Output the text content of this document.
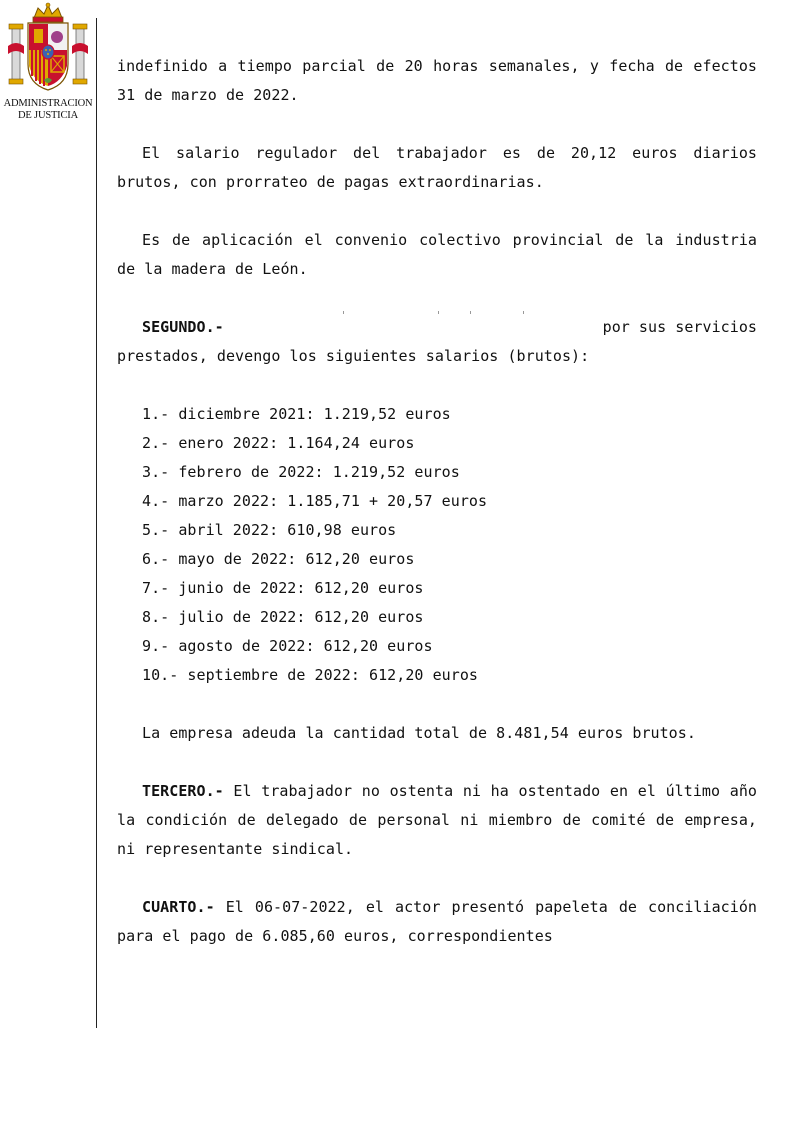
ADMINISTRACION
DE JUSTICIA

indefinido a tiempo parcial de 20 horas semanales, y fecha de efectos 31 de marzo de 2022.

El salario regulador del trabajador es de 20,12 euros diarios brutos, con prorrateo de pagas extraordinarias.

Es de aplicación el convenio colectivo provincial de la industria de la madera de León.

SEGUNDO.-	por sus servicios
prestados, devengo los siguientes salarios (brutos):
1.- diciembre 2021: 1.219,52 euros
2.- enero 2022: 1.164,24 euros
3.- febrero de 2022: 1.219,52 euros
4.- marzo 2022: 1.185,71 + 20,57 euros
5.- abril 2022: 610,98 euros
6.- mayo de 2022: 612,20 euros
7.- junio de 2022: 612,20 euros
8.- julio de 2022: 612,20 euros
9.- agosto de 2022: 612,20 euros
10.- septiembre de 2022: 612,20 euros

La empresa adeuda la cantidad total de 8.481,54 euros brutos.

TERCERO.- El trabajador no ostenta ni ha ostentado en el último año la condición de delegado de personal ni miembro de comité de empresa, ni representante sindical.

CUARTO.- El 06-07-2022, el actor presentó papeleta de conciliación para el pago de 6.085,60 euros, correspondientes
